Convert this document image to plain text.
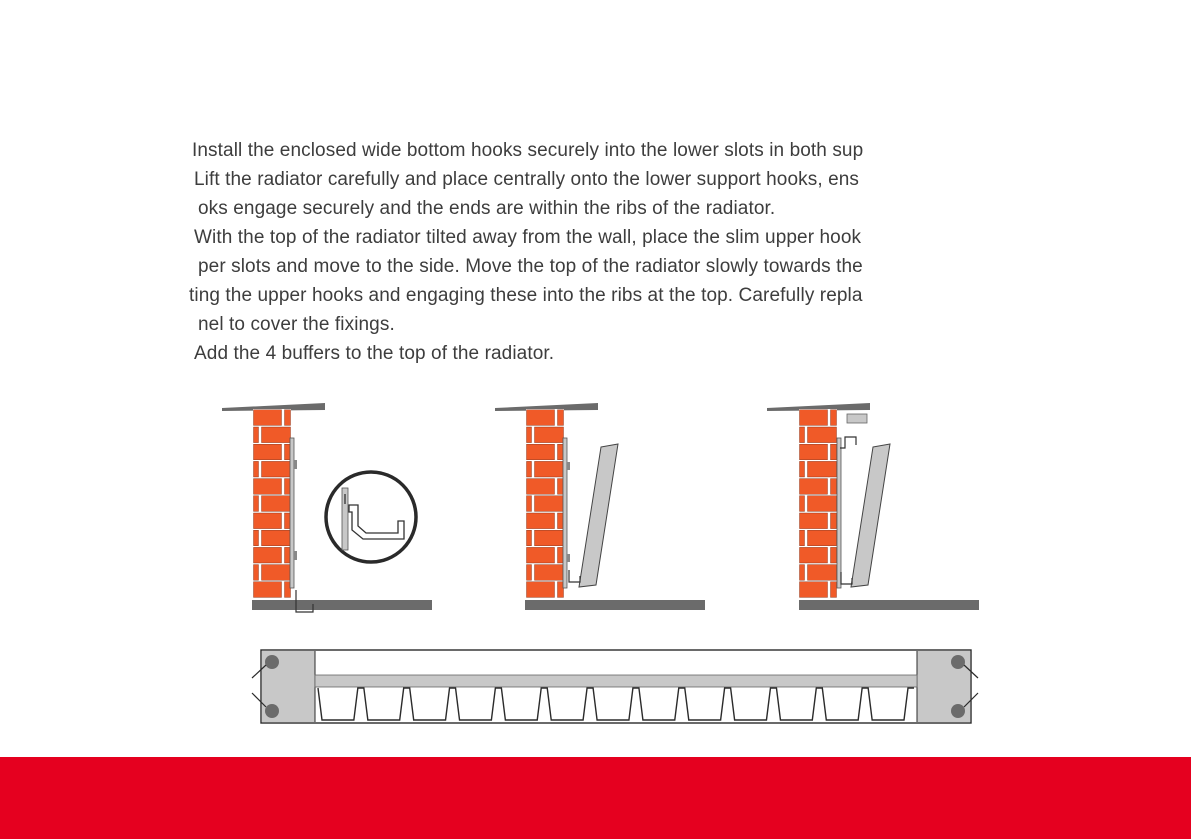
Install the enclosed wide bottom hooks securely into the lower slots in both sup
Lift the radiator carefully and place centrally onto the lower support hooks, ens
oks engage securely and the ends are within the ribs of the radiator.
With the top of the radiator tilted away from the wall, place the slim upper hook
per slots and move to the side. Move the top of the radiator slowly towards the
ting the upper hooks and engaging these into the ribs at the top. Carefully repla
nel to cover the fixings.
Add the 4 buffers to the top of the radiator.
